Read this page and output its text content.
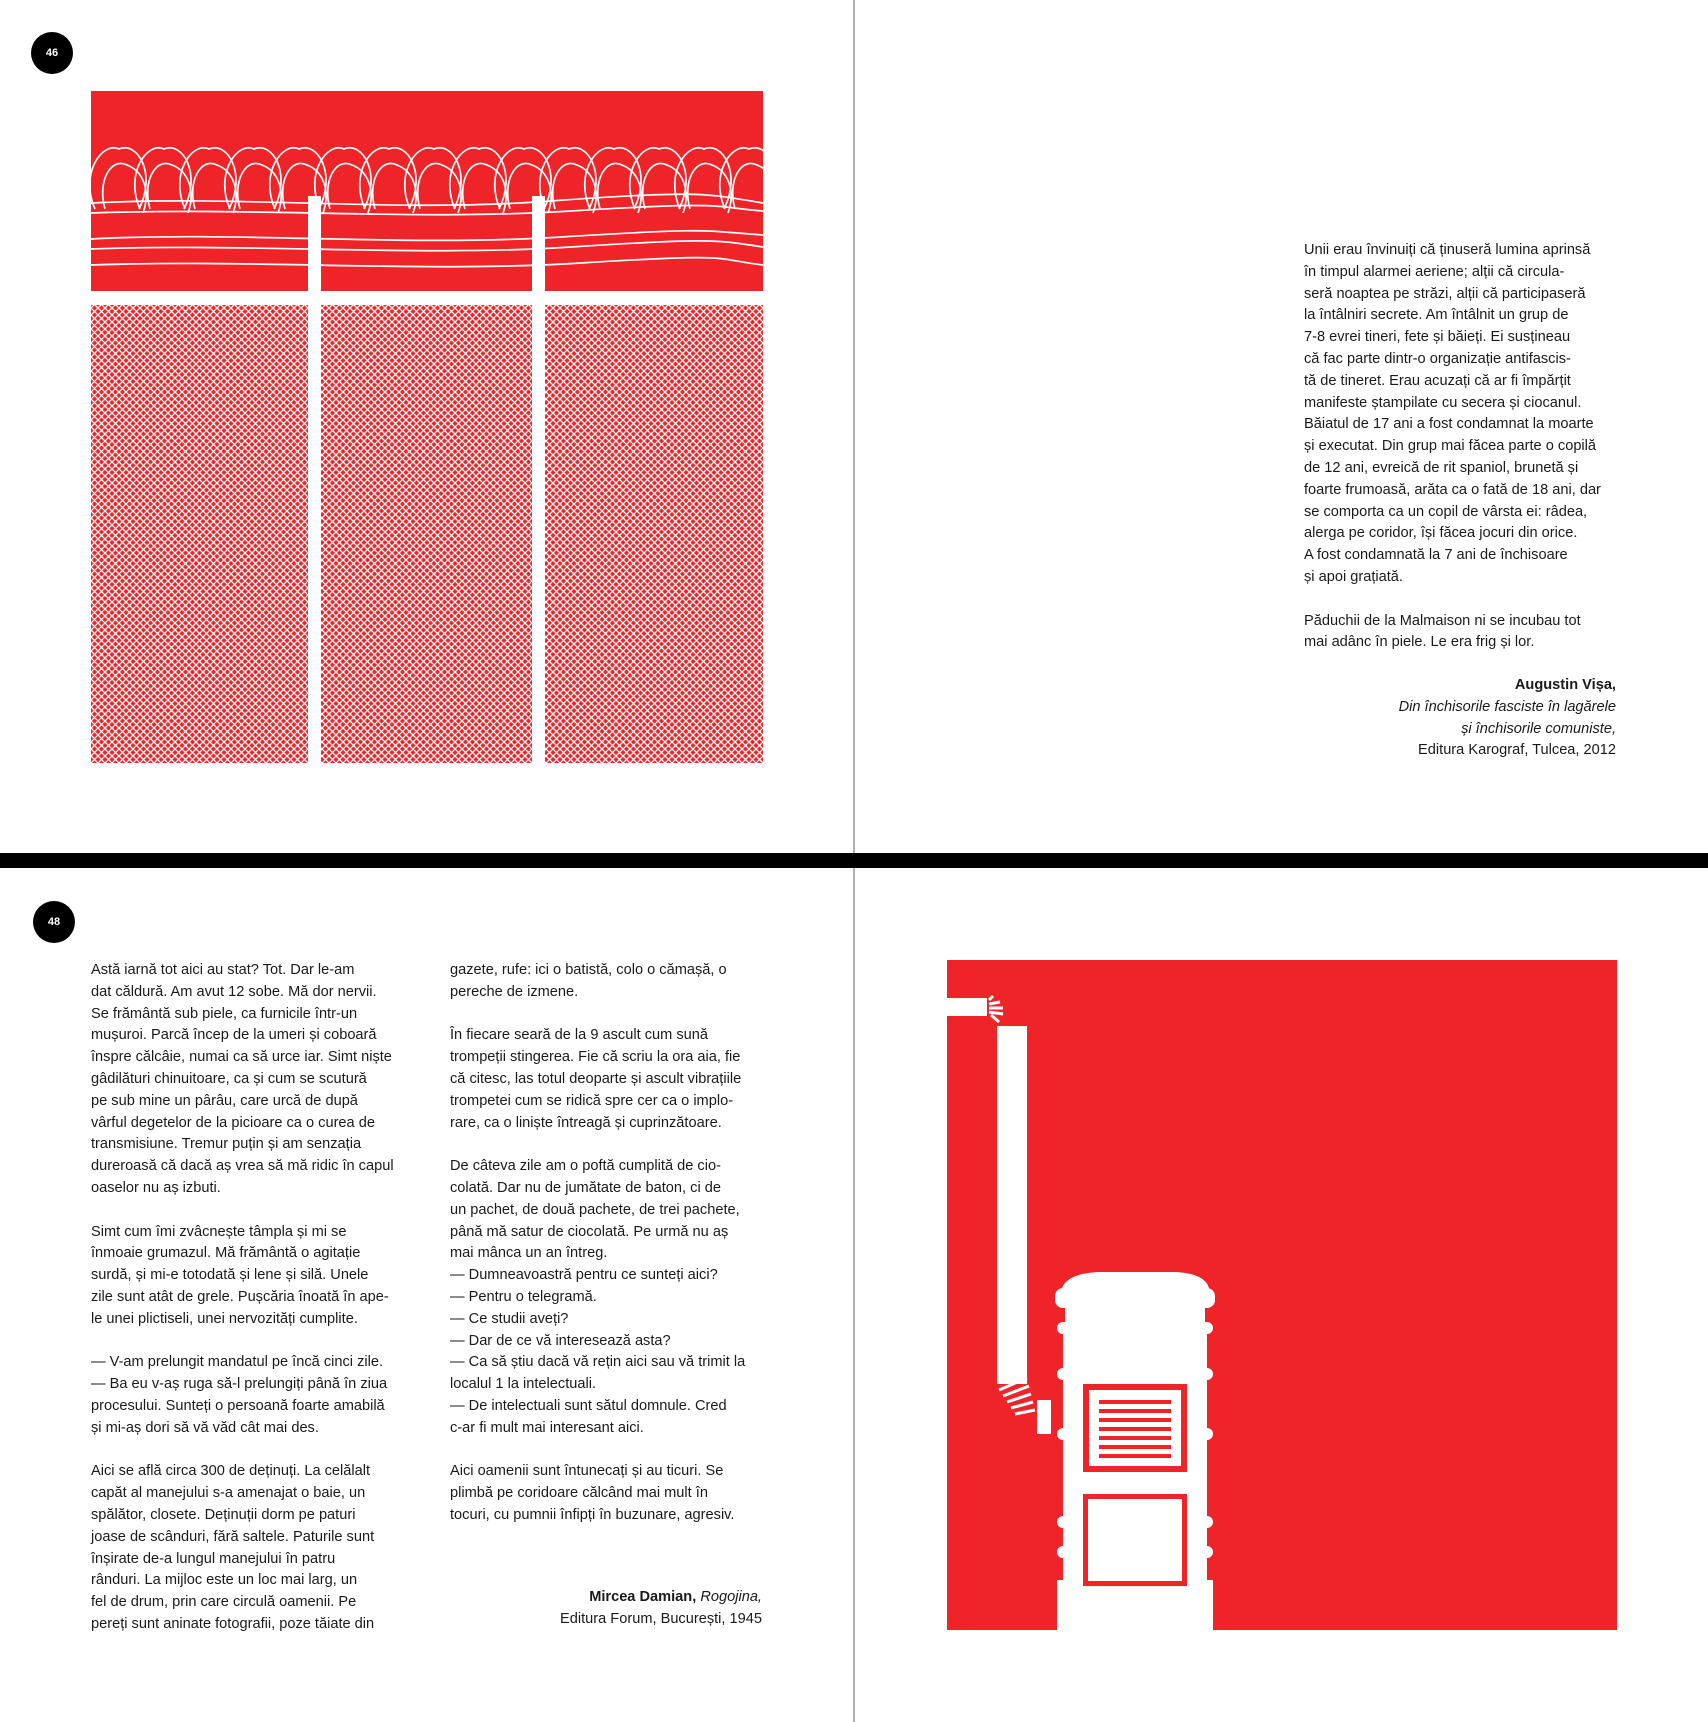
46

Unii erau învinuiți că ținuseră lumina aprinsă
în timpul alarmei aeriene; alții că circula-
seră noaptea pe străzi, alții că participaseră
la întâlniri secrete. Am întâlnit un grup de
7-8 evrei tineri, fete și băieți. Ei susțineau
că fac parte dintr-o organizație antifascis-
tă de tineret. Erau acuzați că ar fi împărțit
manifeste ștampilate cu secera și ciocanul.
Băiatul de 17 ani a fost condamnat la moarte
și executat. Din grup mai făcea parte o copilă
de 12 ani, evreică de rit spaniol, brunetă și
foarte frumoasă, arăta ca o fată de 18 ani, dar
se comporta ca un copil de vârsta ei: râdea,
alerga pe coridor, își făcea jocuri din orice.
A fost condamnată la 7 ani de închisoare
și apoi grațiată.

Păduchii de la Malmaison ni se incubau tot
mai adânc în piele. Le era frig și lor.

Augustin Vișa,
Din închisorile fasciste în lagărele
și închisorile comuniste,
Editura Karograf, Tulcea, 2012
48

Astă iarnă tot aici au stat? Tot. Dar le-am
dat căldură. Am avut 12 sobe. Mă dor nervii.
Se frământă sub piele, ca furnicile într-un
mușuroi. Parcă încep de la umeri și coboară
înspre călcâie, numai ca să urce iar. Simt niște
gâdilături chinuitoare, ca și cum se scutură
pe sub mine un pârâu, care urcă de după
vârful degetelor de la picioare ca o curea de
transmisiune. Tremur puțin și am senzația
dureroasă că dacă aș vrea să mă ridic în capul
oaselor nu aș izbuti.

Simt cum îmi zvâcnește tâmpla și mi se
înmoaie grumazul. Mă frământă o agitație
surdă, și mi-e totodată și lene și silă. Unele
zile sunt atât de grele. Pușcăria înoată în ape-
le unei plictiseli, unei nervozități cumplite.

— V-am prelungit mandatul pe încă cinci zile.
— Ba eu v-aș ruga să-l prelungiți până în ziua
procesului. Sunteți o persoană foarte amabilă
și mi-aș dori să vă văd cât mai des.

Aici se află circa 300 de deținuți. La celălalt
capăt al manejului s-a amenajat o baie, un
spălător, closete. Deținuții dorm pe paturi
joase de scânduri, fără saltele. Paturile sunt
înșirate de-a lungul manejului în patru
rânduri. La mijloc este un loc mai larg, un
fel de drum, prin care circulă oamenii. Pe
pereți sunt aninate fotografii, poze tăiate din

gazete, rufe: ici o batistă, colo o cămașă, o
pereche de izmene.

În fiecare seară de la 9 ascult cum sună
trompeții stingerea. Fie că scriu la ora aia, fie
că citesc, las totul deoparte și ascult vibrațiile
trompetei cum se ridică spre cer ca o implo-
rare, ca o liniște întreagă și cuprinzătoare.

De câteva zile am o poftă cumplită de cio-
colată. Dar nu de jumătate de baton, ci de
un pachet, de două pachete, de trei pachete,
până mă satur de ciocolată. Pe urmă nu aș
mai mânca un an întreg.
— Dumneavoastră pentru ce sunteți aici?
— Pentru o telegramă.
— Ce studii aveți?
— Dar de ce vă interesează asta?
— Ca să știu dacă vă rețin aici sau vă trimit la
localul 1 la intelectuali.
— De intelectuali sunt sătul domnule. Cred
c-ar fi mult mai interesant aici.

Aici oamenii sunt întunecați și au ticuri. Se
plimbă pe coridoare călcând mai mult în
tocuri, cu pumnii înfipți în buzunare, agresiv.

Mircea Damian, Rogojina,
Editura Forum, București, 1945
